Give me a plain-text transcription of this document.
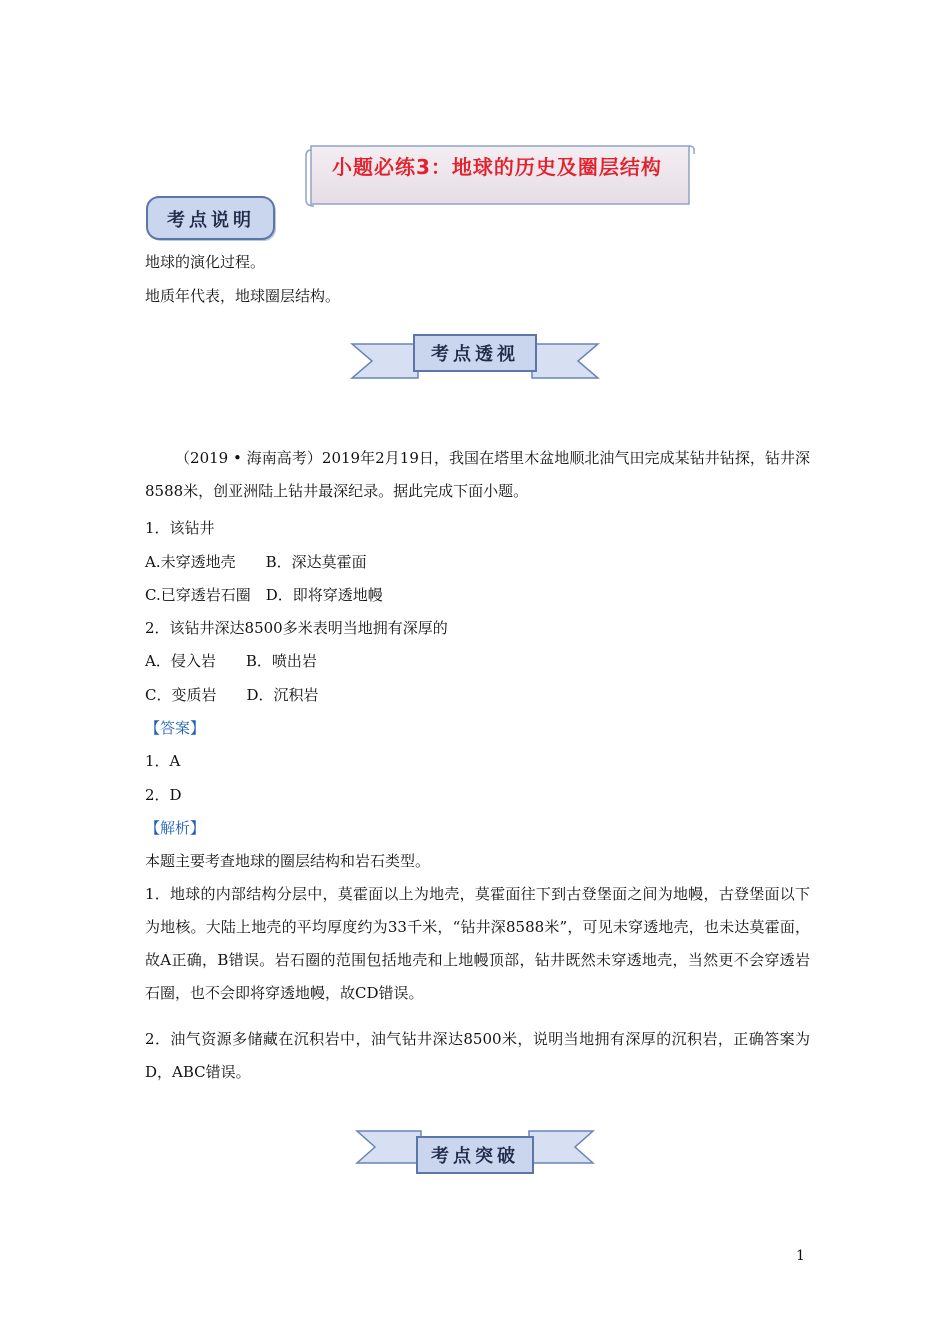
小题必练3：地球的历史及圈层结构
考点说明
地球的演化过程。
地质年代表，地球圈层结构。
考点透视
（2019 • 海南高考）2019年2月19日，我国在塔里木盆地顺北油气田完成某钻井钻探，钻井深8588米，创亚洲陆上钻井最深纪录。据此完成下面小题。
1．该钻井
A.未穿透地壳　　B．深达莫霍面
C.已穿透岩石圈　D．即将穿透地幔
2．该钻井深达8500多米表明当地拥有深厚的
A．侵入岩　　B．喷出岩
C．变质岩　　D．沉积岩
【答案】
1．A
2．D
【解析】
本题主要考查地球的圈层结构和岩石类型。
1．地球的内部结构分层中，莫霍面以上为地壳，莫霍面往下到古登堡面之间为地幔，古登堡面以下为地核。大陆上地壳的平均厚度约为33千米，“钻井深8588米”，可见未穿透地壳，也未达莫霍面，故A正确，B错误。岩石圈的范围包括地壳和上地幔顶部，钻井既然未穿透地壳，当然更不会穿透岩石圈，也不会即将穿透地幔，故CD错误。
2．油气资源多储藏在沉积岩中，油气钻井深达8500米，说明当地拥有深厚的沉积岩，正确答案为D，ABC错误。
考点突破
1
